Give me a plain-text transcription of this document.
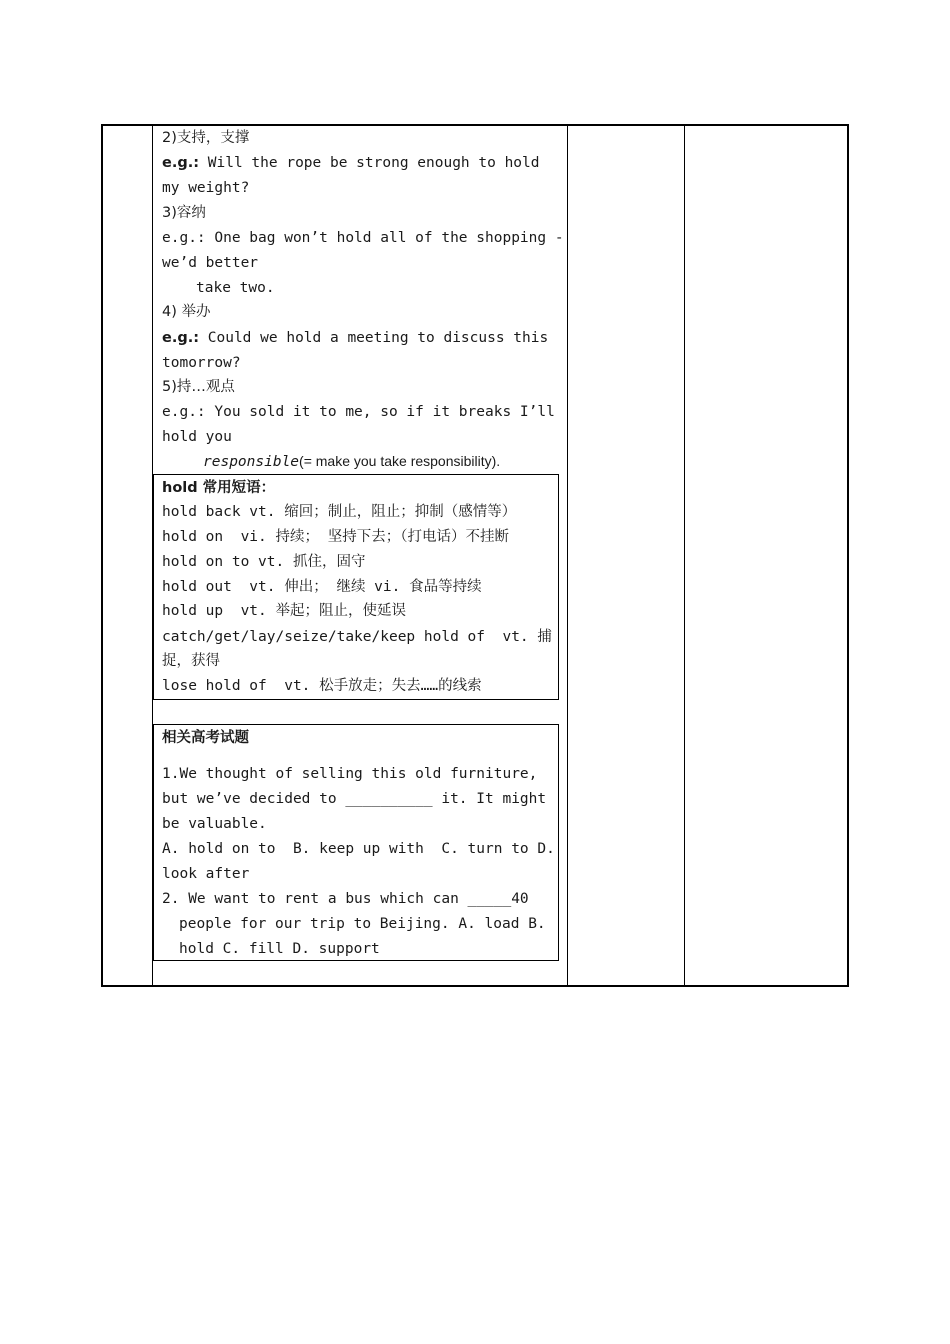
2)支持，支撑
e.g.: Will the rope be strong enough to hold
my weight?
3)容纳
e.g.: One bag won’t hold all of the shopping -
we’d better
take two.
4) 举办
e.g.: Could we hold a meeting to discuss this
tomorrow?
5)持…观点
e.g.: You sold it to me, so if it breaks I’ll
hold you
responsible(= make you take responsibility).
hold 常用短语：
hold back vt. 缩回；制止，阻止；抑制（感情等）
hold on  vi. 持续； 坚持下去；（打电话）不挂断
hold on to vt. 抓住，固守
hold out  vt. 伸出； 继续 vi. 食品等持续
hold up  vt. 举起；阻止，使延误
catch/get/lay/seize/take/keep hold of  vt. 捕
捉，获得
lose hold of  vt. 松手放走；失去……的线索
相关高考试题
1.We thought of selling this old furniture,
but we’ve decided to __________ it. It might
be valuable.
A. hold on to  B. keep up with  C. turn to D.
look after
2. We want to rent a bus which can _____40
people for our trip to Beijing. A. load B.
hold C. fill D. support
